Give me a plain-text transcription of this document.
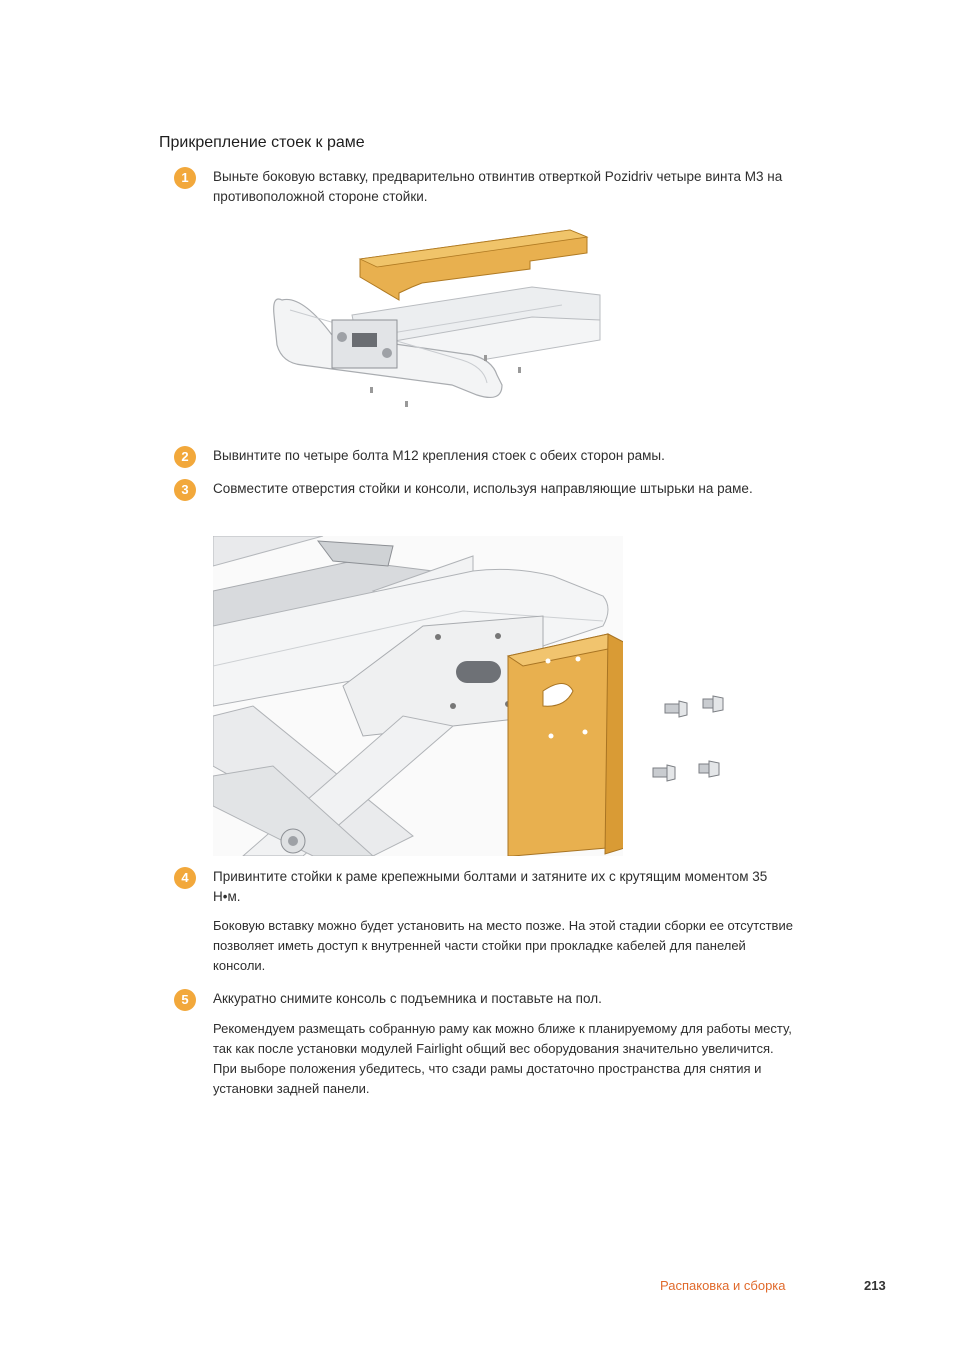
Прикрепление стоек к раме
1	Выньте боковую вставку, предварительно отвинтив отверткой Pozidriv четыре винта M3 на противоположной стороне стойки.
2	Вывинтите по четыре болта M12 крепления стоек с обеих сторон рамы.
3	Совместите отверстия стойки и консоли, используя направляющие штырьки на раме.
4	Привинтите стойки к раме крепежными болтами и затяните их с крутящим моментом 35 Н•м.
Боковую вставку можно будет установить на место позже. На этой стадии сборки ее отсутствие позволяет иметь доступ к внутренней части стойки при прокладке кабелей для панелей консоли.
5	Аккуратно снимите консоль с подъемника и поставьте на пол.
Рекомендуем размещать собранную раму как можно ближе к планируемому для работы месту, так как после установки модулей Fairlight общий вес оборудования значительно увеличится. При выборе положения убедитесь, что сзади рамы достаточно пространства для снятия и установки задней панели.
Распаковка и сборка	213
